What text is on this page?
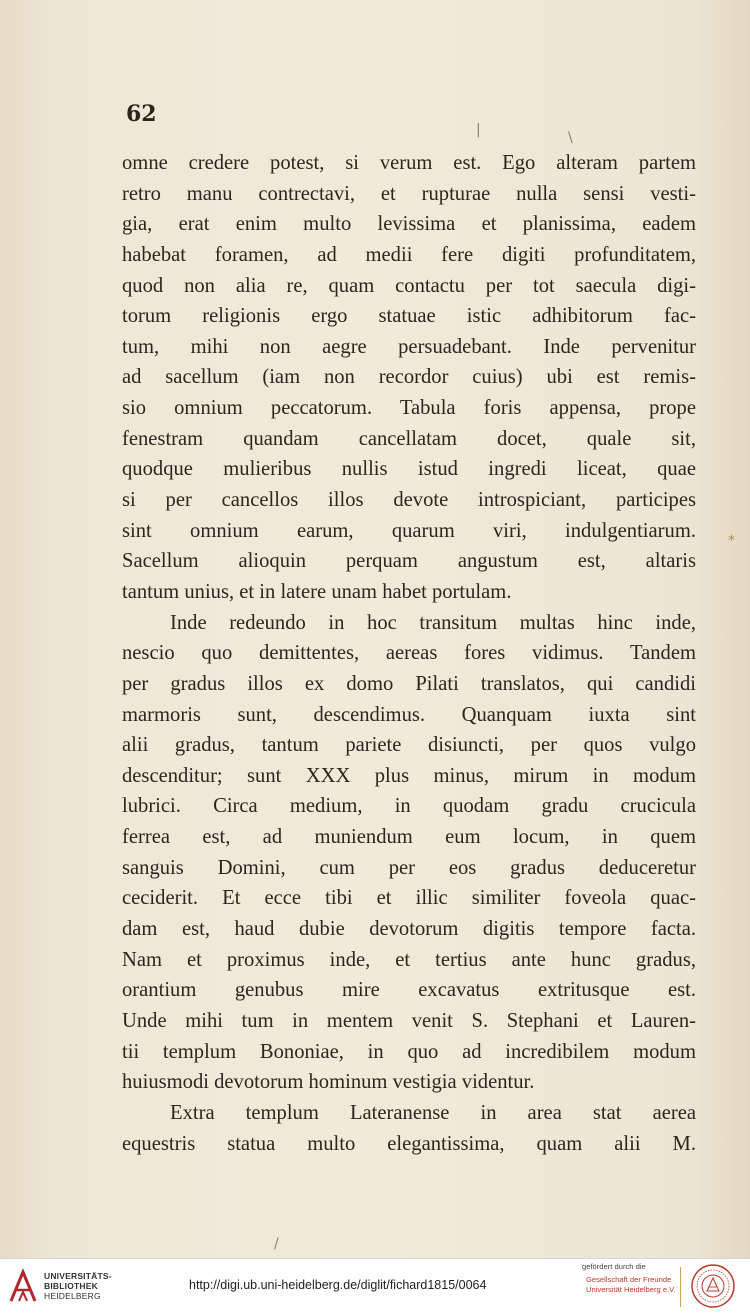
62
omne credere potest, si verum est. Ego alteram partem
retro manu contrectavi, et rupturae nulla sensi vesti-
gia, erat enim multo levissima et planissima, eadem
habebat foramen, ad medii fere digiti profunditatem,
quod non alia re, quam contactu per tot saecula digi-
torum religionis ergo statuae istic adhibitorum fac-
tum, mihi non aegre persuadebant. Inde pervenitur
ad sacellum (iam non recordor cuius) ubi est remis-
sio omnium peccatorum. Tabula foris appensa, prope
fenestram quandam cancellatam docet, quale sit,
quodque mulieribus nullis istud ingredi liceat, quae
si per cancellos illos devote introspiciant, participes
sint omnium earum, quarum viri, indulgentiarum.
Sacellum alioquin perquam angustum est, altaris
tantum unius, et in latere unam habet portulam.
Inde redeundo in hoc transitum multas hinc inde,
nescio quo demittentes, aereas fores vidimus. Tandem
per gradus illos ex domo Pilati translatos, qui candidi
marmoris sunt, descendimus. Quanquam iuxta sint
alii gradus, tantum pariete disiuncti, per quos vulgo
descenditur; sunt XXX plus minus, mirum in modum
lubrici. Circa medium, in quodam gradu crucicula
ferrea est, ad muniendum eum locum, in quem
sanguis Domini, cum per eos gradus deduceretur
ceciderit. Et ecce tibi et illic similiter foveola quac-
dam est, haud dubie devotorum digitis tempore facta.
Nam et proximus inde, et tertius ante hunc gradus,
orantium genubus mire excavatus extritusque est.
Unde mihi tum in mentem venit S. Stephani et Lauren-
tii templum Bononiae, in quo ad incredibilem modum
huiusmodi devotorum hominum vestigia videntur.
Extra templum Lateranense in area stat aerea
equestris statua multo elegantissima, quam alii M.
|	\
*
/
UNIVERSITÄTS-
BIBLIOTHEK
HEIDELBERG
http://digi.ub.uni-heidelberg.de/diglit/fichard1815/0064
gefördert durch die
Gesellschaft der Freunde
Universität Heidelberg e.V.
